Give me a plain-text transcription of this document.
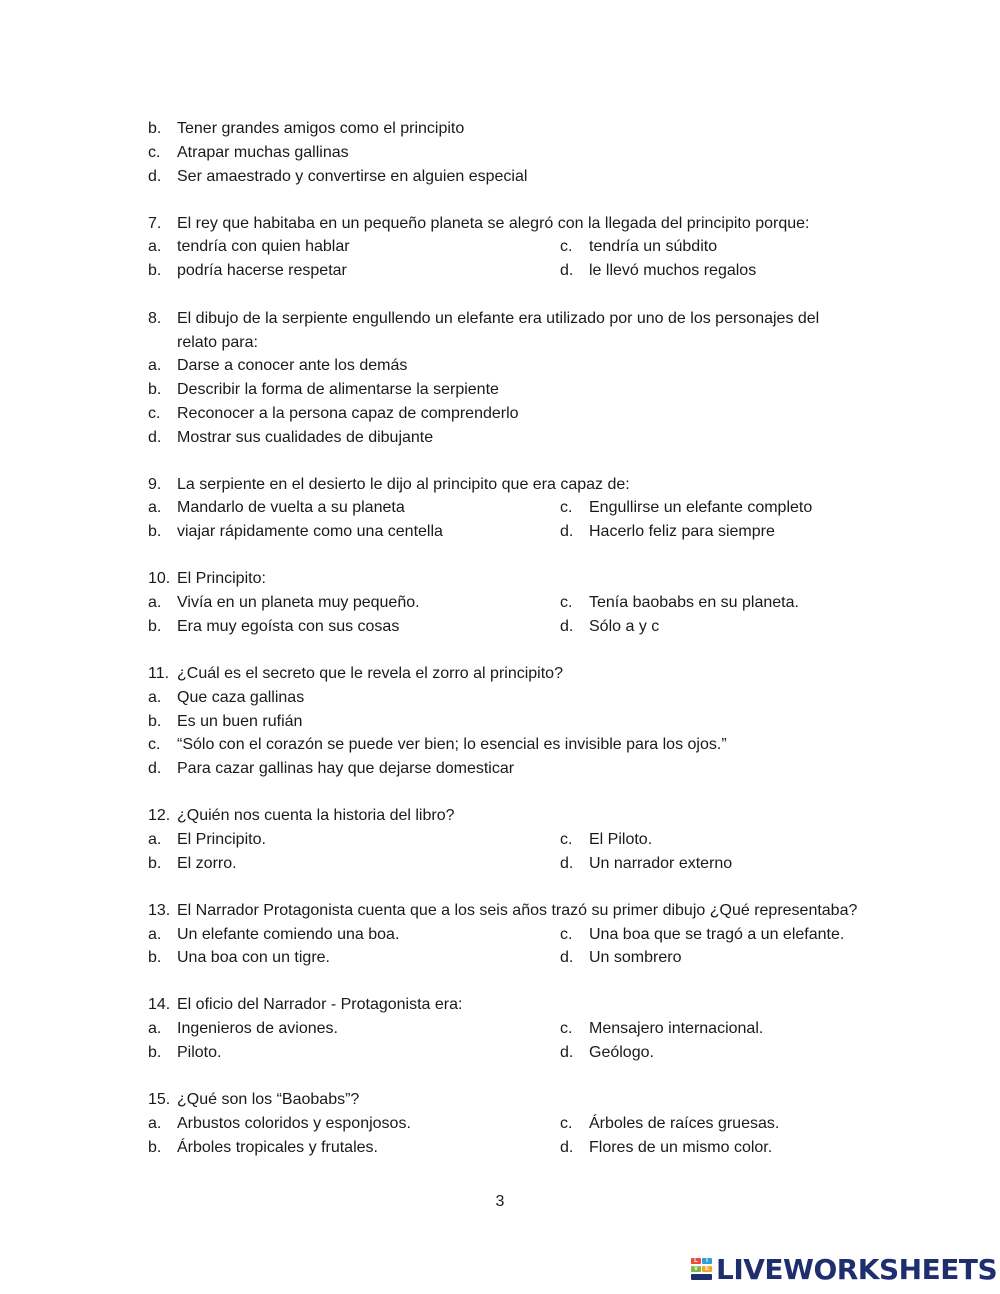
b. Tener grandes amigos como el principito
c. Atrapar muchas gallinas
d. Ser amaestrado y convertirse en alguien especial
7. El rey que habitaba en un pequeño planeta se alegró con la llegada del principito porque:
a. tendría con quien hablar	c. tendría un súbdito
b. podría hacerse respetar	d. le llevó muchos regalos
8. El dibujo de la serpiente engullendo un elefante era utilizado por uno de los personajes del
relato para:
a. Darse a conocer ante los demás
b. Describir la forma de alimentarse la serpiente
c. Reconocer a la persona capaz de comprenderlo
d. Mostrar sus cualidades de dibujante
9. La serpiente en el desierto le dijo al principito que era capaz de:
a. Mandarlo de vuelta a su planeta	c. Engullirse un elefante completo
b. viajar rápidamente como una centella	d. Hacerlo feliz para siempre
10. El Principito:
a. Vivía en un planeta muy pequeño.	c. Tenía baobabs en su planeta.
b. Era muy egoísta con sus cosas	d. Sólo a y c
11. ¿Cuál es el secreto que le revela el zorro al principito?
a. Que caza gallinas
b. Es un buen rufián
c. “Sólo con el corazón se puede ver bien; lo esencial es invisible para los ojos.”
d. Para cazar gallinas hay que dejarse domesticar
12. ¿Quién nos cuenta la historia del libro?
a. El Principito.	c. El Piloto.
b. El zorro.	d. Un narrador externo
13. El Narrador Protagonista cuenta que a los seis años trazó su primer dibujo ¿Qué representaba?
a. Un elefante comiendo una boa.	c. Una boa que se tragó a un elefante.
b. Una boa con un tigre.	d. Un sombrero
14. El oficio del Narrador - Protagonista era:
a. Ingenieros de aviones.	c. Mensajero internacional.
b. Piloto.	d. Geólogo.
15. ¿Qué son los “Baobabs”?
a. Arbustos coloridos y esponjosos.	c. Árboles de raíces gruesas.
b. Árboles tropicales y frutales.	d. Flores de un mismo color.
3
L	I
V	E LIVEWORKSHEETS
